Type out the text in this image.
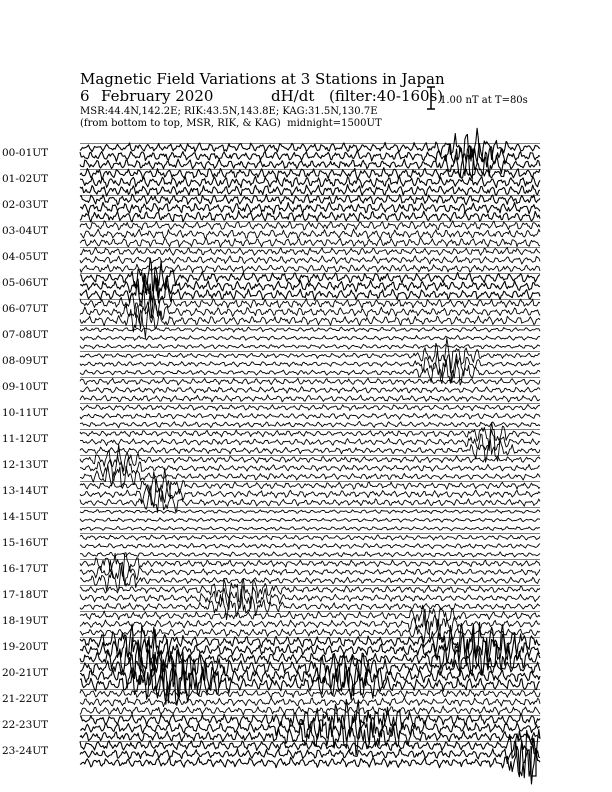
Magnetic Field Variations at 3 Stations in Japan
6 February 2020	dH/dt (filter:40-160s)
MSR:44.4N,142.2E; RIK:43.5N,143.8E; KAG:31.5N,130.7E
(from bottom to top, MSR, RIK, & KAG) midnight=1500UT
1.00 nT at T=80s
00-01UT
01-02UT
02-03UT
03-04UT
04-05UT
05-06UT
06-07UT
07-08UT
08-09UT
09-10UT
10-11UT
11-12UT
12-13UT
13-14UT
14-15UT
15-16UT
16-17UT
17-18UT
18-19UT
19-20UT
20-21UT
21-22UT
22-23UT
23-24UT
